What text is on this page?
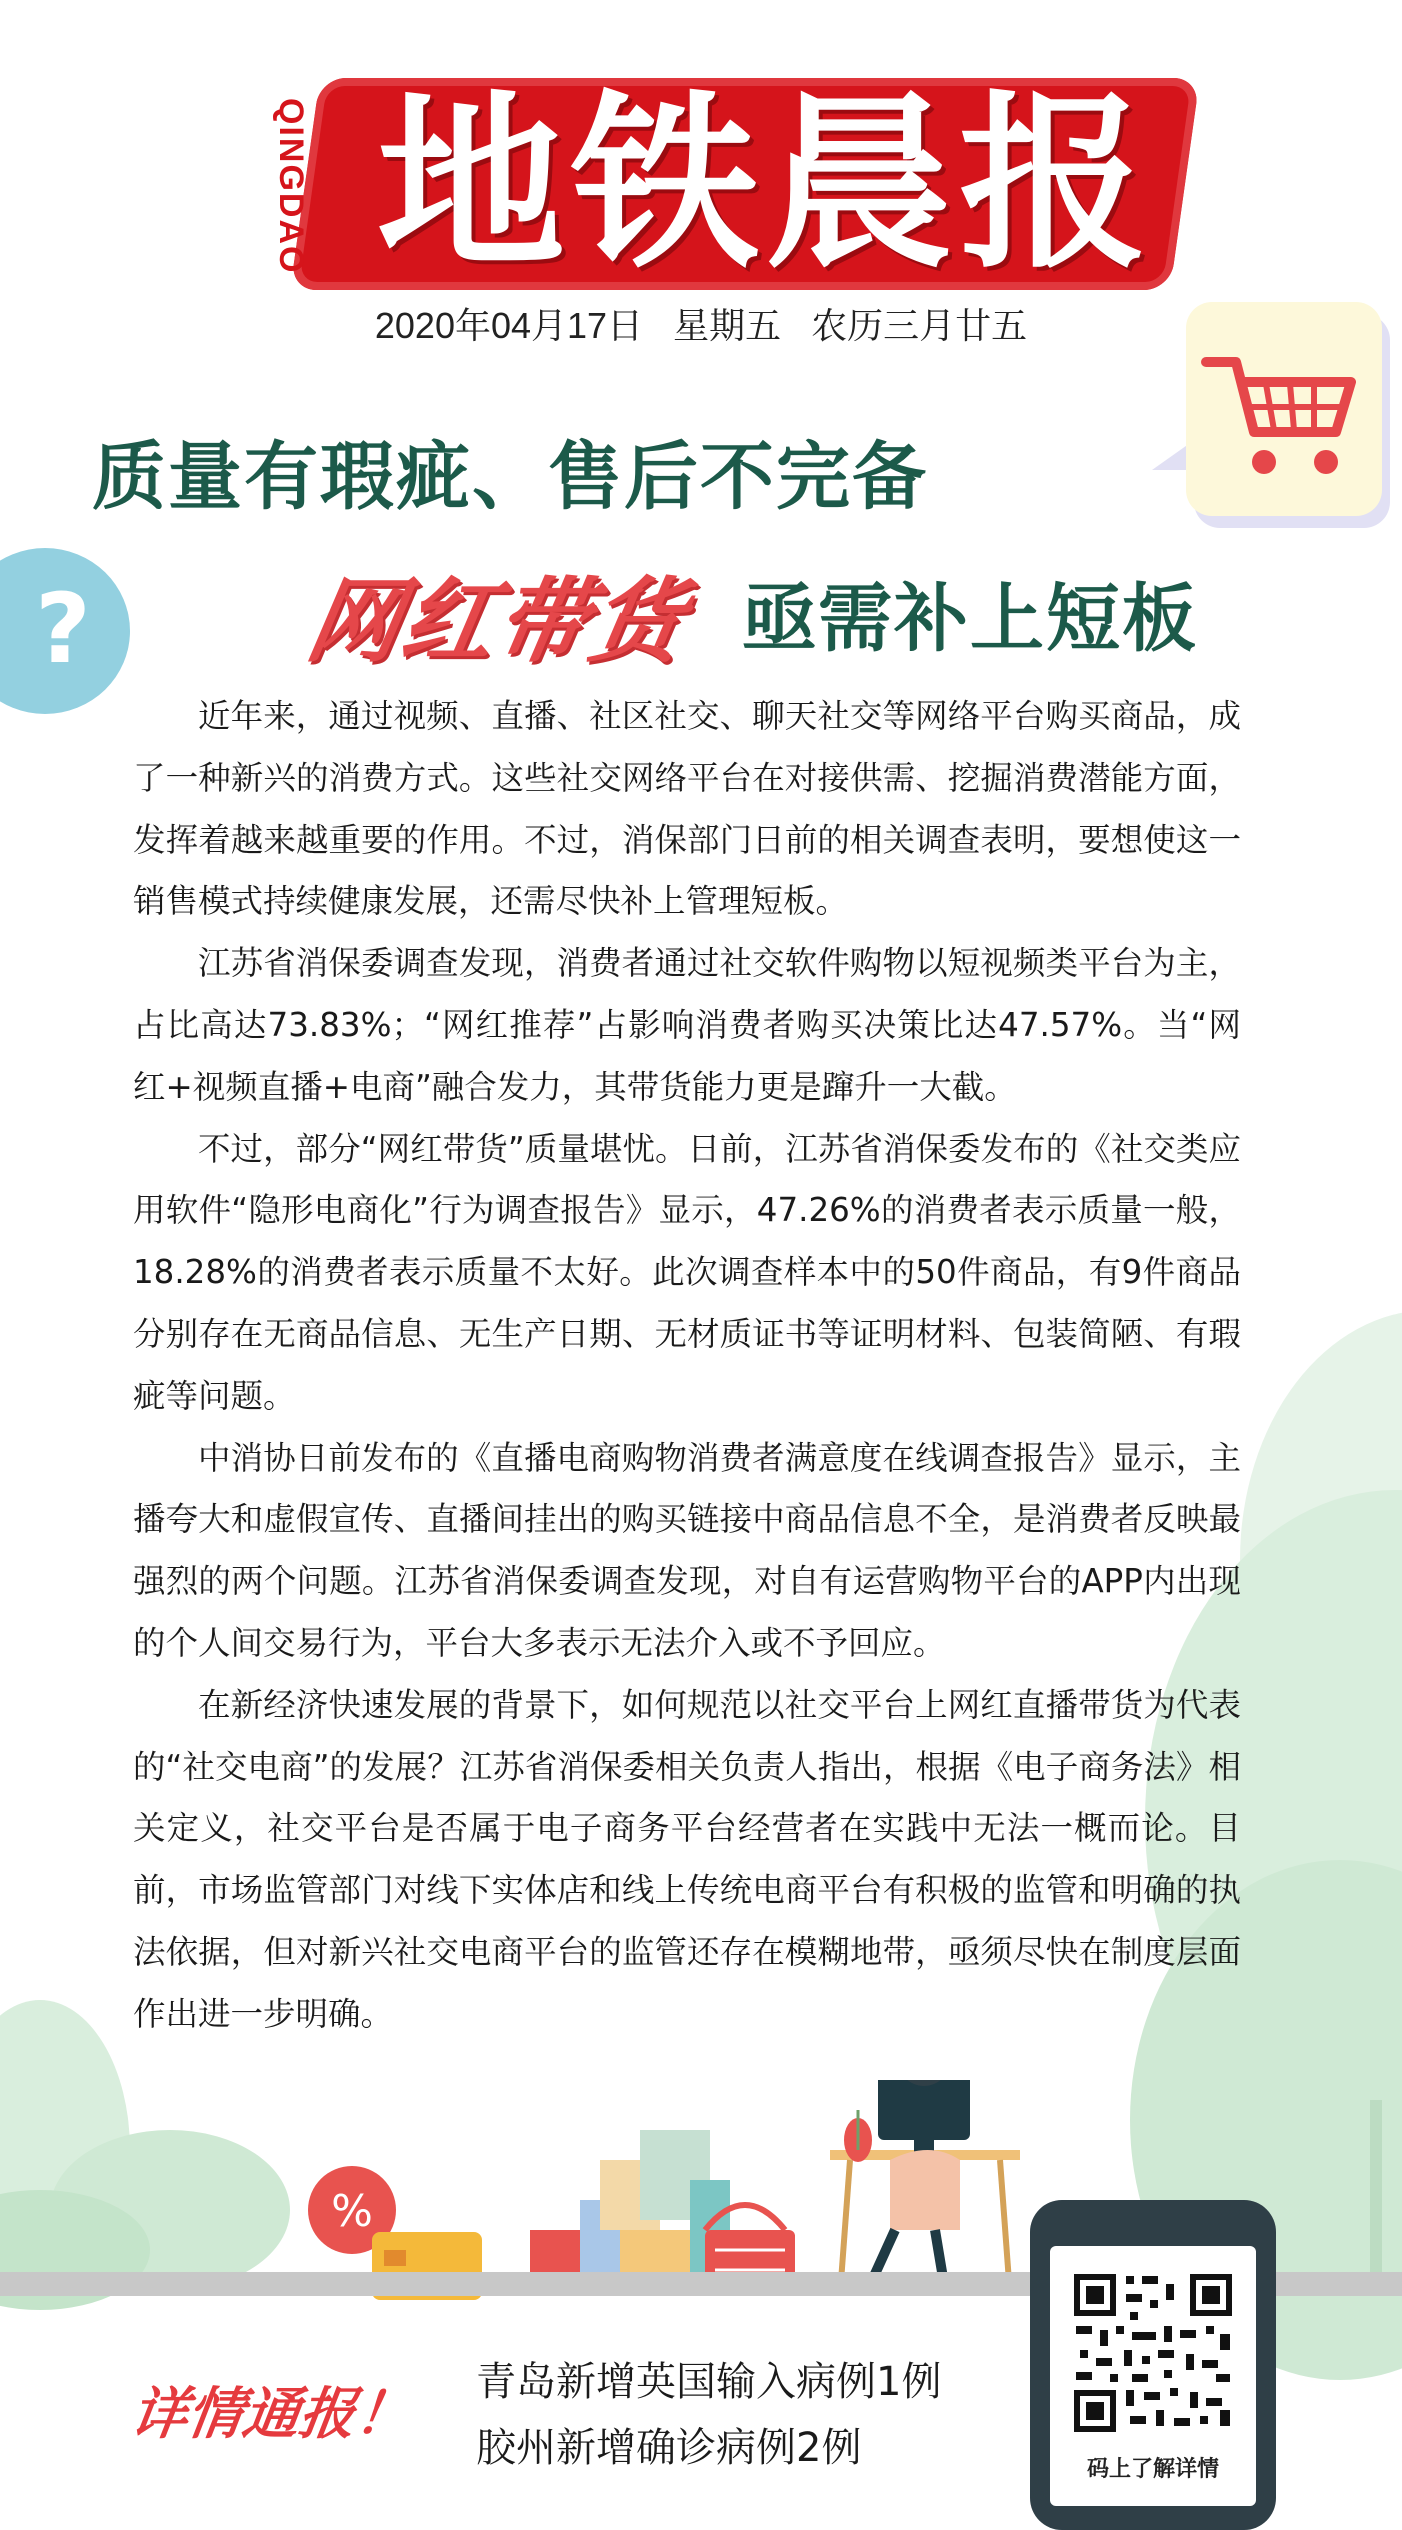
地铁晨报
QINGDAO
2020年04月17日 星期五 农历三月廿五
?
质量有瑕疵、售后不完备
网红带货 亟需补上短板

近年来，通过视频、直播、社区社交、聊天社交等网络平台购买商品，成了一种新兴的消费方式。这些社交网络平台在对接供需、挖掘消费潜能方面，发挥着越来越重要的作用。不过，消保部门日前的相关调查表明，要想使这一销售模式持续健康发展，还需尽快补上管理短板。

江苏省消保委调查发现，消费者通过社交软件购物以短视频类平台为主，占比高达73.83%；“网红推荐”占影响消费者购买决策比达47.57%。当“网红+视频直播+电商”融合发力，其带货能力更是蹿升一大截。

不过，部分“网红带货”质量堪忧。日前，江苏省消保委发布的《社交类应用软件“隐形电商化”行为调查报告》显示，47.26%的消费者表示质量一般，18.28%的消费者表示质量不太好。此次调查样本中的50件商品，有9件商品分别存在无商品信息、无生产日期、无材质证书等证明材料、包装简陋、有瑕疵等问题。

中消协日前发布的《直播电商购物消费者满意度在线调查报告》显示，主播夸大和虚假宣传、直播间挂出的购买链接中商品信息不全，是消费者反映最强烈的两个问题。江苏省消保委调查发现，对自有运营购物平台的APP内出现的个人间交易行为，平台大多表示无法介入或不予回应。

在新经济快速发展的背景下，如何规范以社交平台上网红直播带货为代表的“社交电商”的发展？江苏省消保委相关负责人指出，根据《电子商务法》相关定义，社交平台是否属于电子商务平台经营者在实践中无法一概而论。目前，市场监管部门对线下实体店和线上传统电商平台有积极的监管和明确的执法依据，但对新兴社交电商平台的监管还存在模糊地带，亟须尽快在制度层面作出进一步明确。

%
详情通报！ 青岛新增英国输入病例1例
胶州新增确诊病例2例	码上了解详情
